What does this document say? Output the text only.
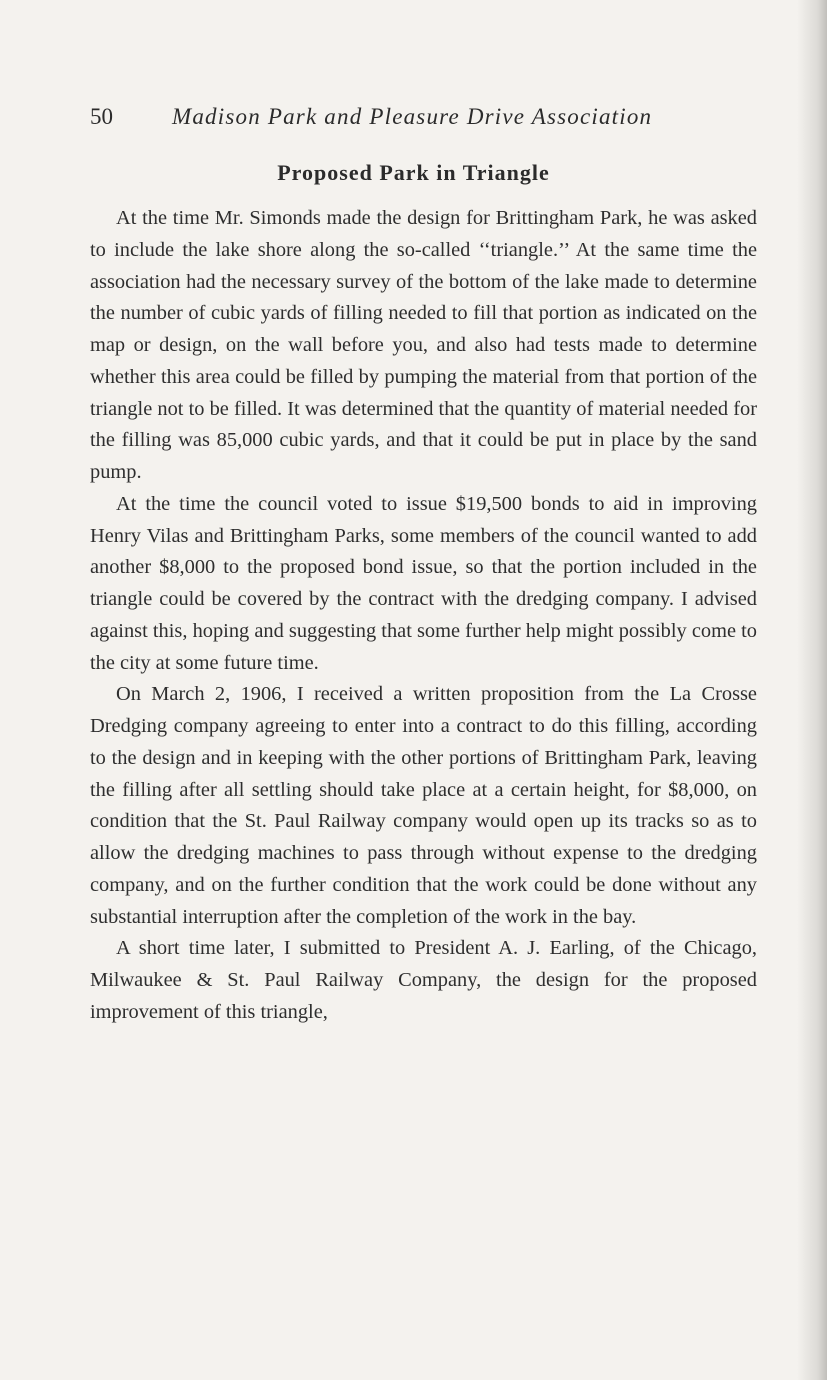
50	Madison Park and Pleasure Drive Association
Proposed Park in Triangle

At the time Mr. Simonds made the design for Brittingham Park, he was asked to include the lake shore along the so-called ‘‘triangle.’’ At the same time the association had the necessary survey of the bottom of the lake made to determine the number of cubic yards of filling needed to fill that portion as indicated on the map or design, on the wall before you, and also had tests made to determine whether this area could be filled by pumping the material from that portion of the triangle not to be filled. It was determined that the quantity of material needed for the filling was 85,000 cubic yards, and that it could be put in place by the sand pump.

At the time the council voted to issue $19,500 bonds to aid in improving Henry Vilas and Brittingham Parks, some members of the council wanted to add another $8,000 to the proposed bond issue, so that the portion included in the triangle could be covered by the contract with the dredging company. I advised against this, hoping and suggesting that some further help might possibly come to the city at some future time.

On March 2, 1906, I received a written proposition from the La Crosse Dredging company agreeing to enter into a contract to do this filling, according to the design and in keeping with the other portions of Brittingham Park, leaving the filling after all settling should take place at a certain height, for $8,000, on condition that the St. Paul Railway company would open up its tracks so as to allow the dredging machines to pass through without expense to the dredging company, and on the further condition that the work could be done without any substantial interruption after the completion of the work in the bay.

A short time later, I submitted to President A. J. Earling, of the Chicago, Milwaukee & St. Paul Railway Company, the design for the proposed improvement of this triangle,
